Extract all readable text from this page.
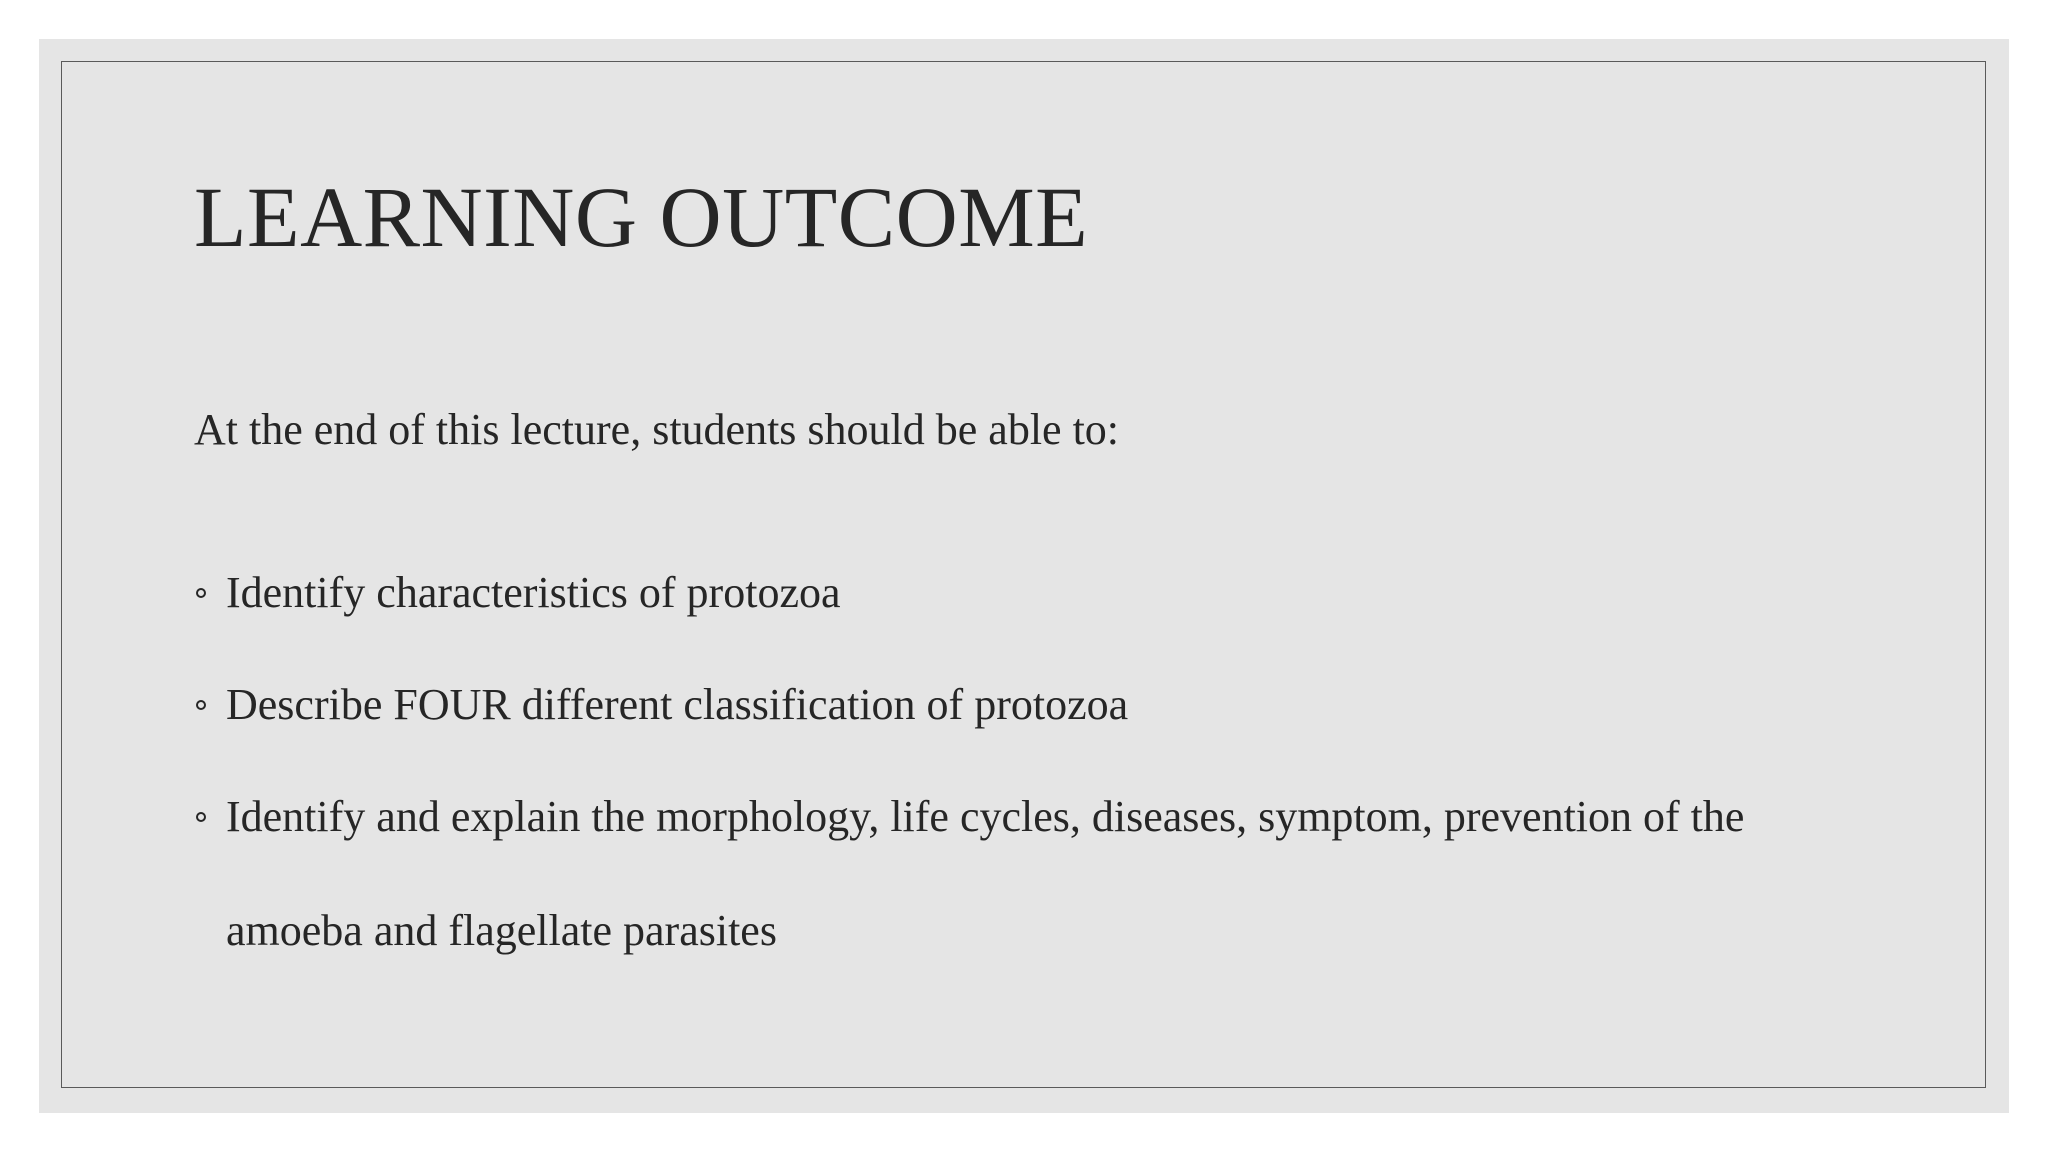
LEARNING OUTCOME

At the end of this lecture, students should be able to:

Identify characteristics of protozoa
Describe FOUR different classification of protozoa
Identify and explain the morphology, life cycles, diseases, symptom, prevention of the amoeba and flagellate parasites
